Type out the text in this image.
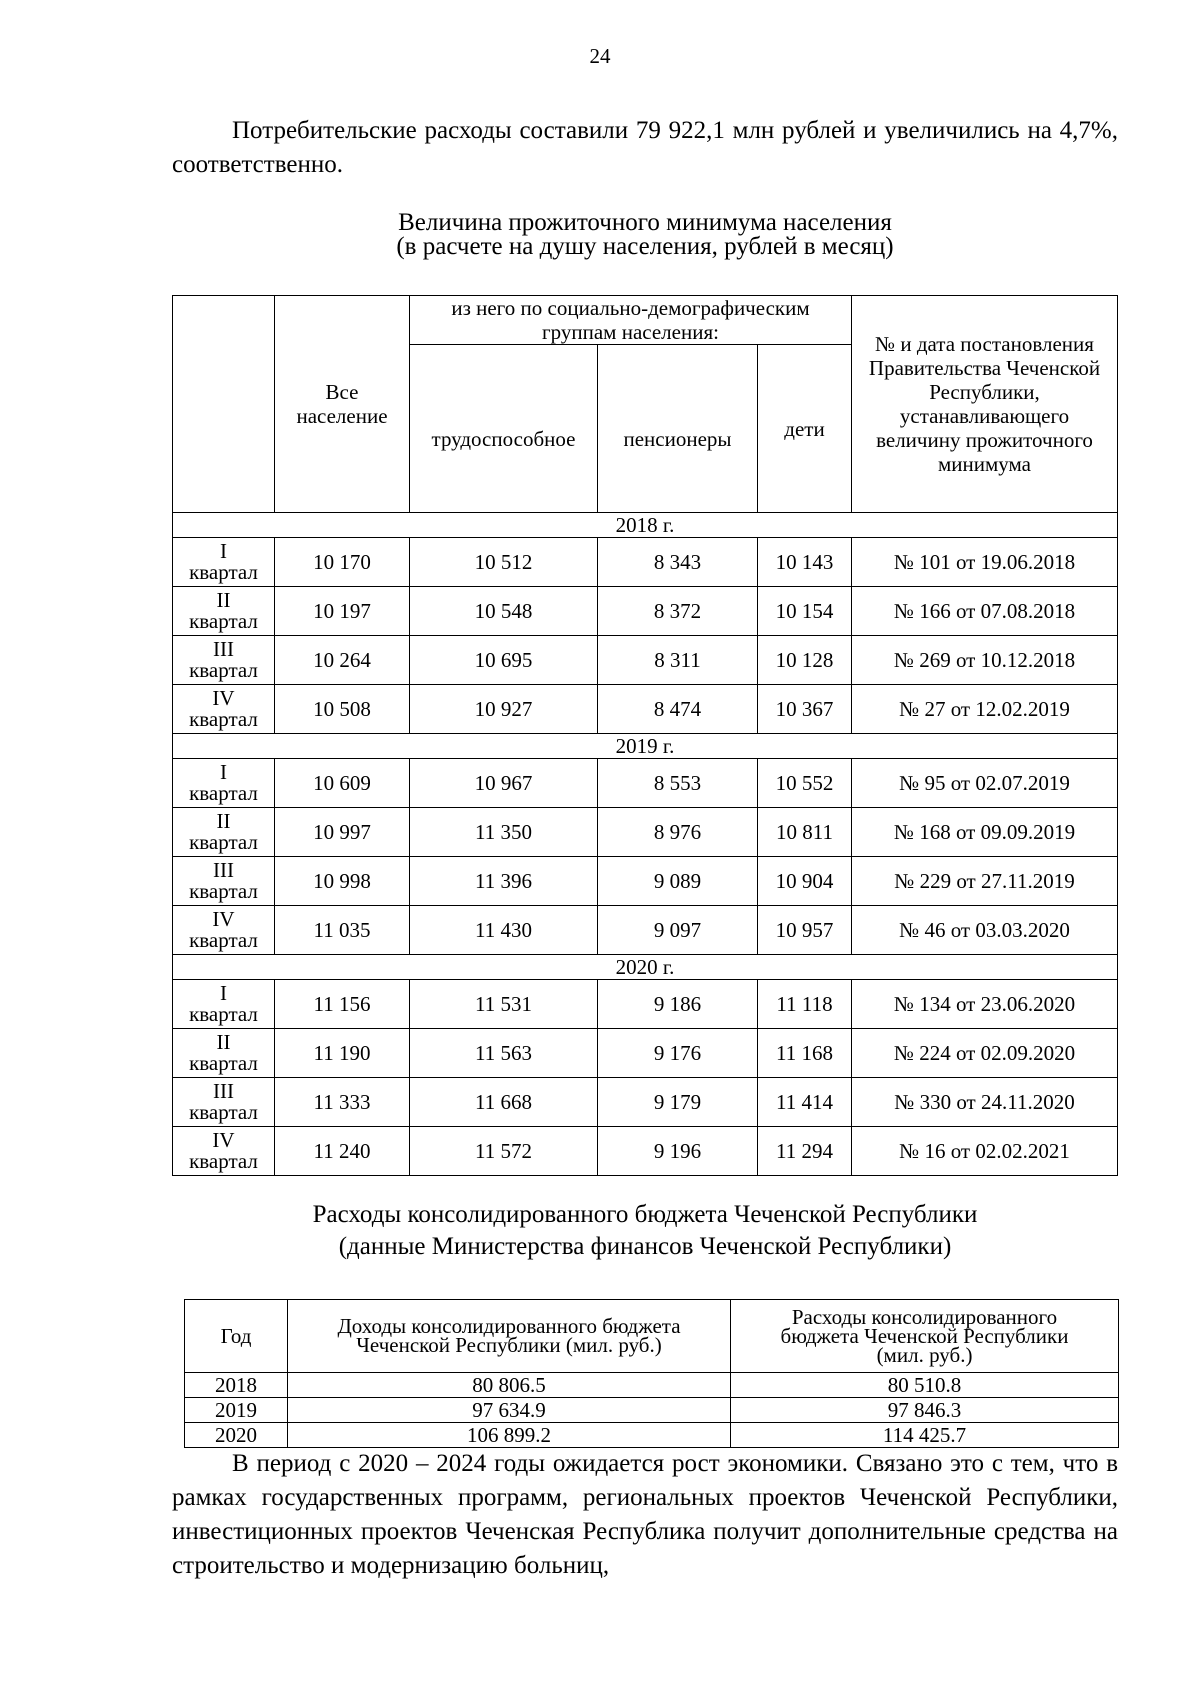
24
Потребительские расходы составили 79 922,1 млн рублей и увеличились на 4,7%, соответственно.
Величина прожиточного минимума населения
(в расчете на душу населения, рублей в месяц)
	Все население	из него по социально-демографическим группам населения:			№ и дата постановления Правительства Чеченской Республики, устанавливающего величину прожиточного минимума
		трудоспособное	пенсионеры	дети	
2018 г.					

I
квартал	10 170	10 512	8 343	10 143	№ 101 от 19.06.2018

II
квартал	10 197	10 548	8 372	10 154	№ 166 от 07.08.2018

III
квартал	10 264	10 695	8 311	10 128	№ 269 от 10.12.2018

IV
квартал	10 508	10 927	8 474	10 367	№ 27 от 12.02.2019
2019 г.					

I
квартал	10 609	10 967	8 553	10 552	№ 95 от 02.07.2019

II
квартал	10 997	11 350	8 976	10 811	№ 168 от 09.09.2019

III
квартал	10 998	11 396	9 089	10 904	№ 229 от 27.11.2019

IV
квартал	11 035	11 430	9 097	10 957	№ 46 от 03.03.2020
2020 г.					

I
квартал	11 156	11 531	9 186	11 118	№ 134 от 23.06.2020

II
квартал	11 190	11 563	9 176	11 168	№ 224 от 02.09.2020

III
квартал	11 333	11 668	9 179	11 414	№ 330 от 24.11.2020

IV
квартал	11 240	11 572	9 196	11 294	№ 16 от 02.02.2021
Расходы консолидированного бюджета Чеченской Республики
(данные Министерства финансов Чеченской Республики)
Год	Доходы консолидированного бюджета Чеченской Республики (мил. руб.)	Расходы консолидированного бюджета Чеченской Республики (мил. руб.)
2018	80 806.5	80 510.8
2019	97 634.9	97 846.3
2020	106 899.2	114 425.7
В период с 2020 – 2024 годы ожидается рост экономики. Связано это с тем, что в рамках государственных программ, региональных проектов Чеченской Республики, инвестиционных проектов Чеченская Республика получит дополнительные средства на строительство и модернизацию больниц,
